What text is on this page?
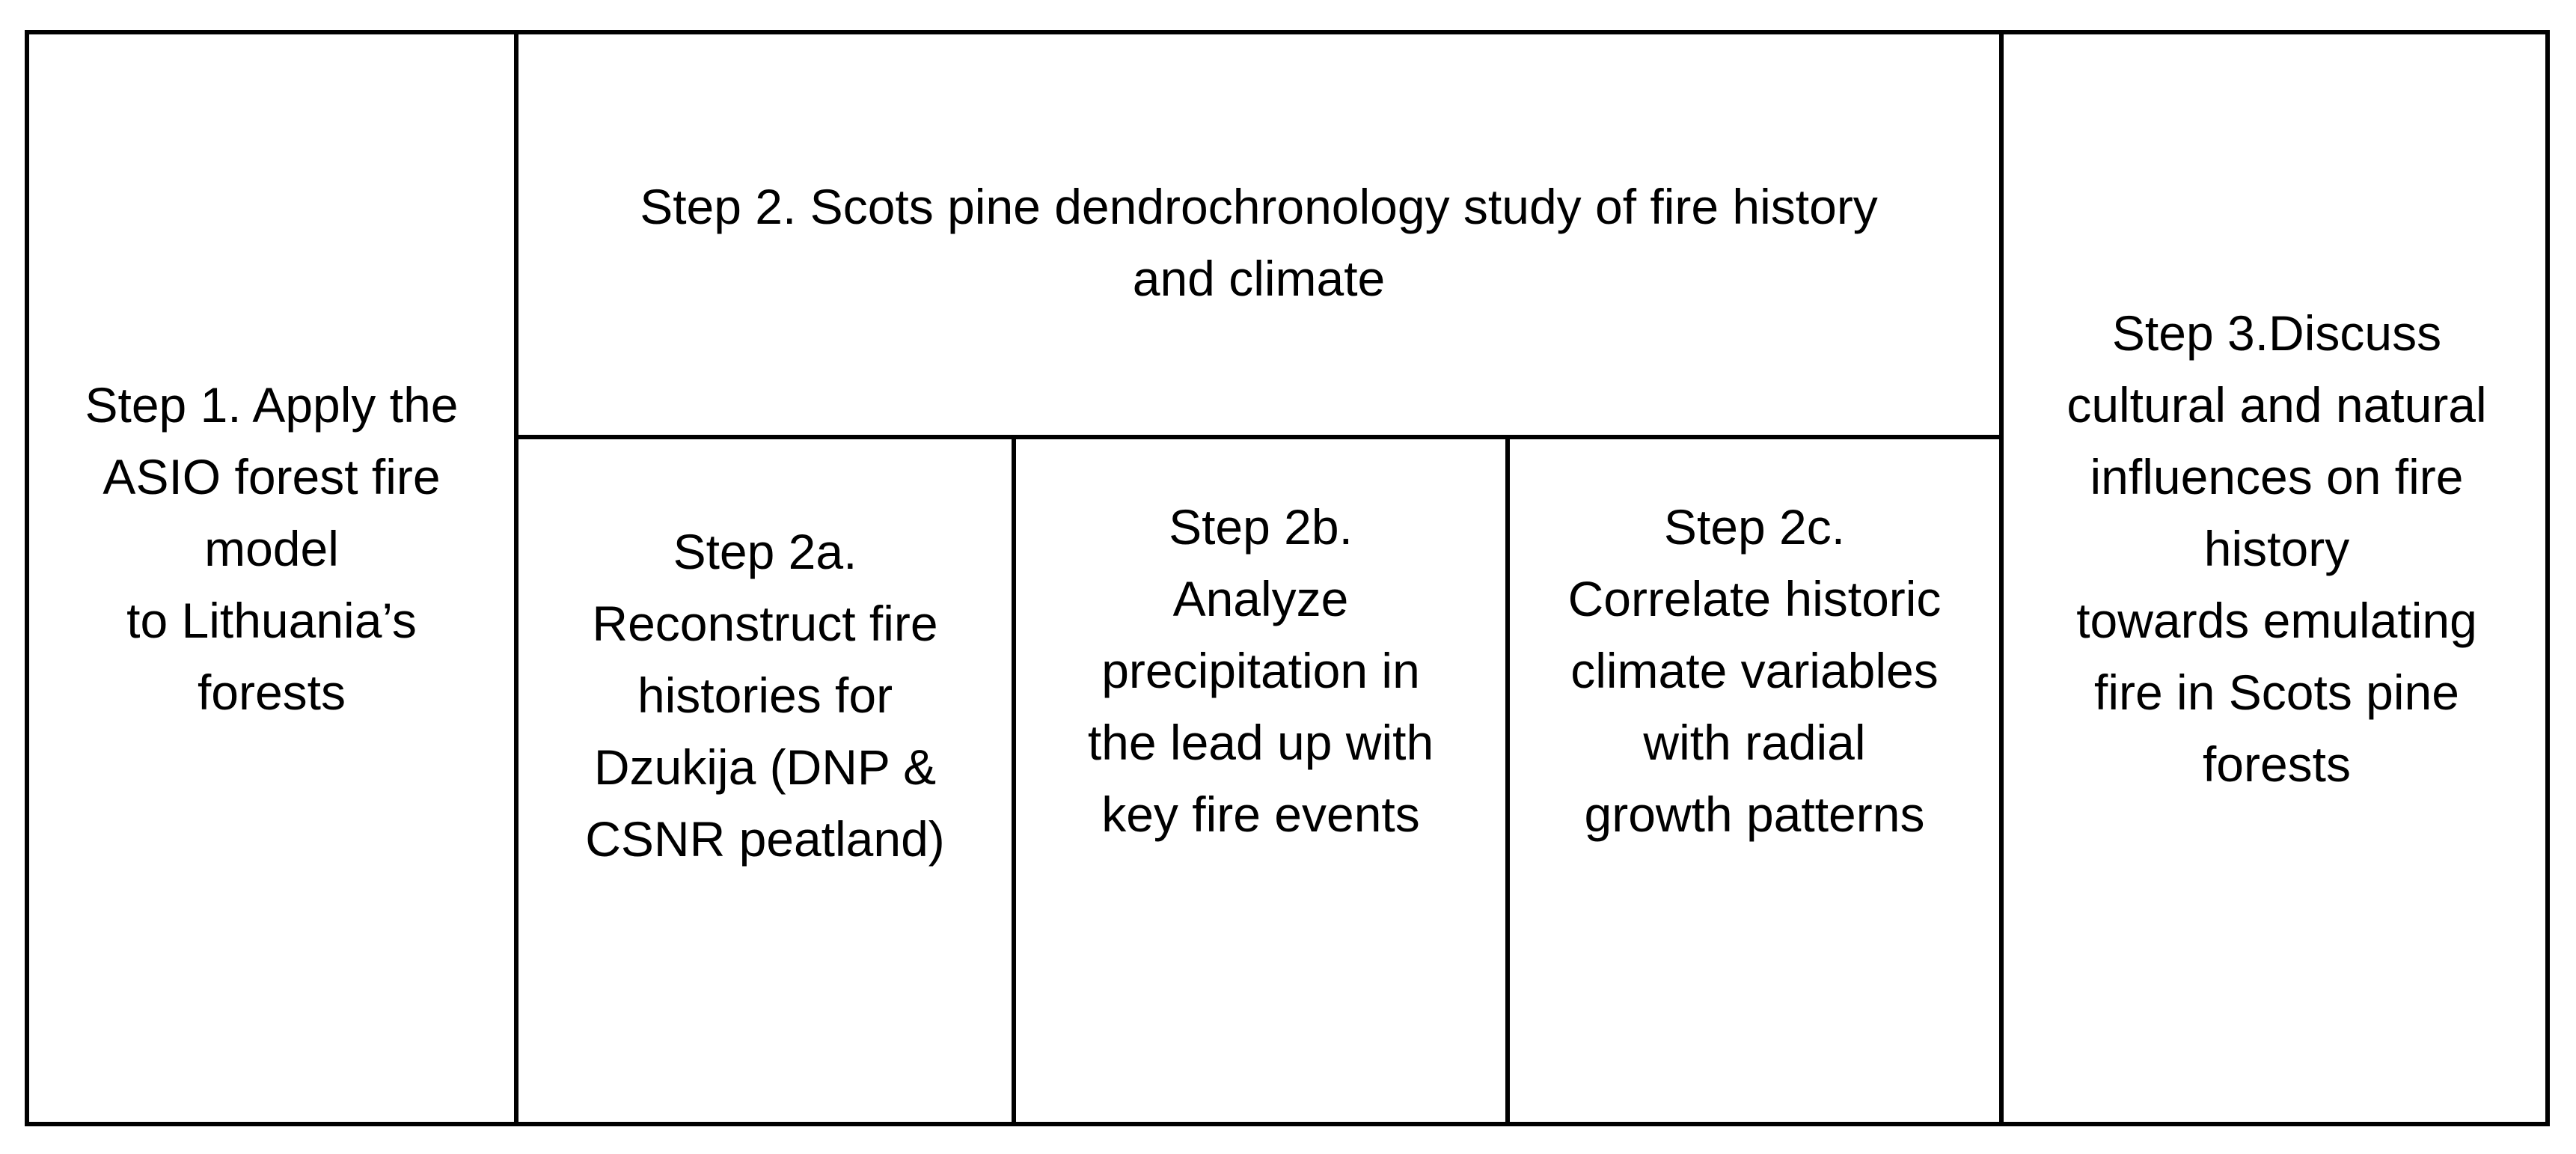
Step 1. Apply the
ASIO forest fire
model
to Lithuania’s
forests
Step 2. Scots pine dendrochronology study of fire history
and climate
Step 2a.
Reconstruct fire
histories for
Dzukija (DNP &
CSNR peatland)
Step 2b.
Analyze
precipitation in
the lead up with
key fire events
Step 2c.
Correlate historic
climate variables
with radial
growth patterns
Step 3.Discuss
cultural and natural
influences on fire
history
towards emulating
fire in Scots pine
forests
